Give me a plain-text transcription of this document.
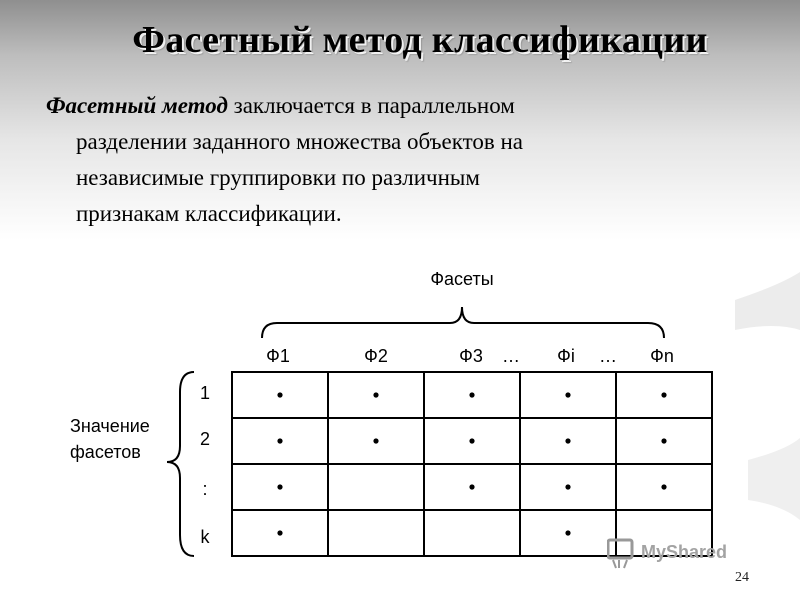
Фасетный метод классификации
Фасетный метод заключается в параллельном
разделении заданного множества объектов на
независимые группировки по различным
признакам классификации.
Фасеты
Ф1	Ф2	Ф3 … Фi … Фn
Значение
фасетов
1
2
:
k
MyShared
24
